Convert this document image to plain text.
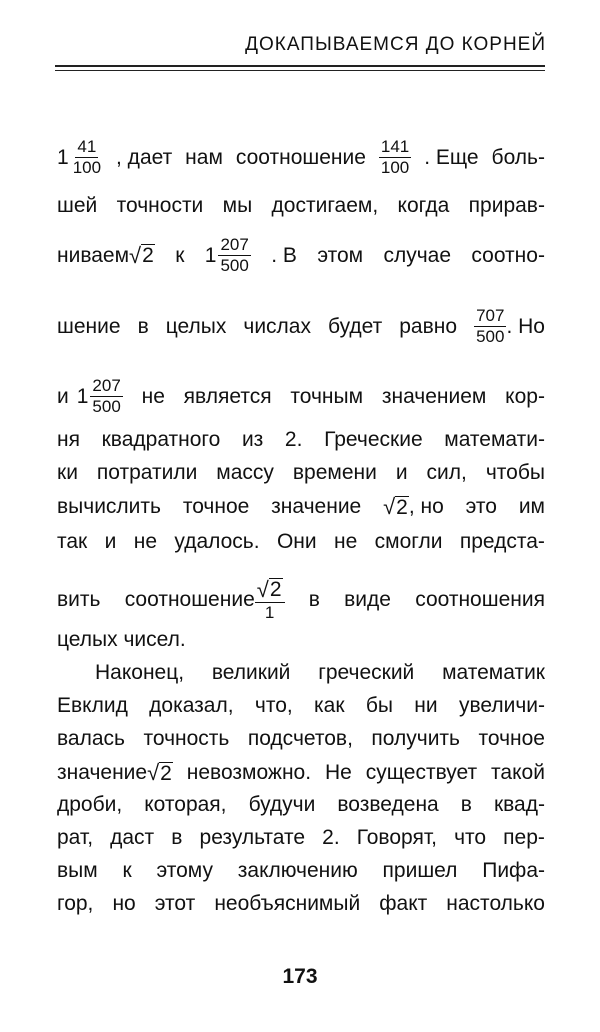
ДОКАПЫВАЕМСЯ ДО КОРНЕЙ
$1 \frac{41}{100}$ , дает нам соотношение $\frac{141}{100}$ . Еще боль-
шей точности мы достигаем, когда прирав-
ниваем √ 2 к $1 \frac{207}{500}$ . В этом случае соотно-
шение в целых числах будет равно $\frac{707}{500}$ . Но
и $1 \frac{207}{500}$ не является точным значением кор-
ня квадратного из 2. Греческие математи-
ки потратили массу времени и сил, чтобы
вычислить точное значение √ 2 , но это им
так и не удалось. Они не смогли предста-
вить соотношение $\frac{√ 2}{1}$ в виде соотношения
целых чисел.
Наконец, великий греческий математик
Евклид доказал, что, как бы ни увеличи-
валась точность подсчетов, получить точное
значение √ 2 невозможно. Не существует такой
дроби, которая, будучи возведена в квад-
рат, даст в результате 2. Говорят, что пер-
вым к этому заключению пришел Пифа-
гор, но этот необъяснимый факт настолько
173
